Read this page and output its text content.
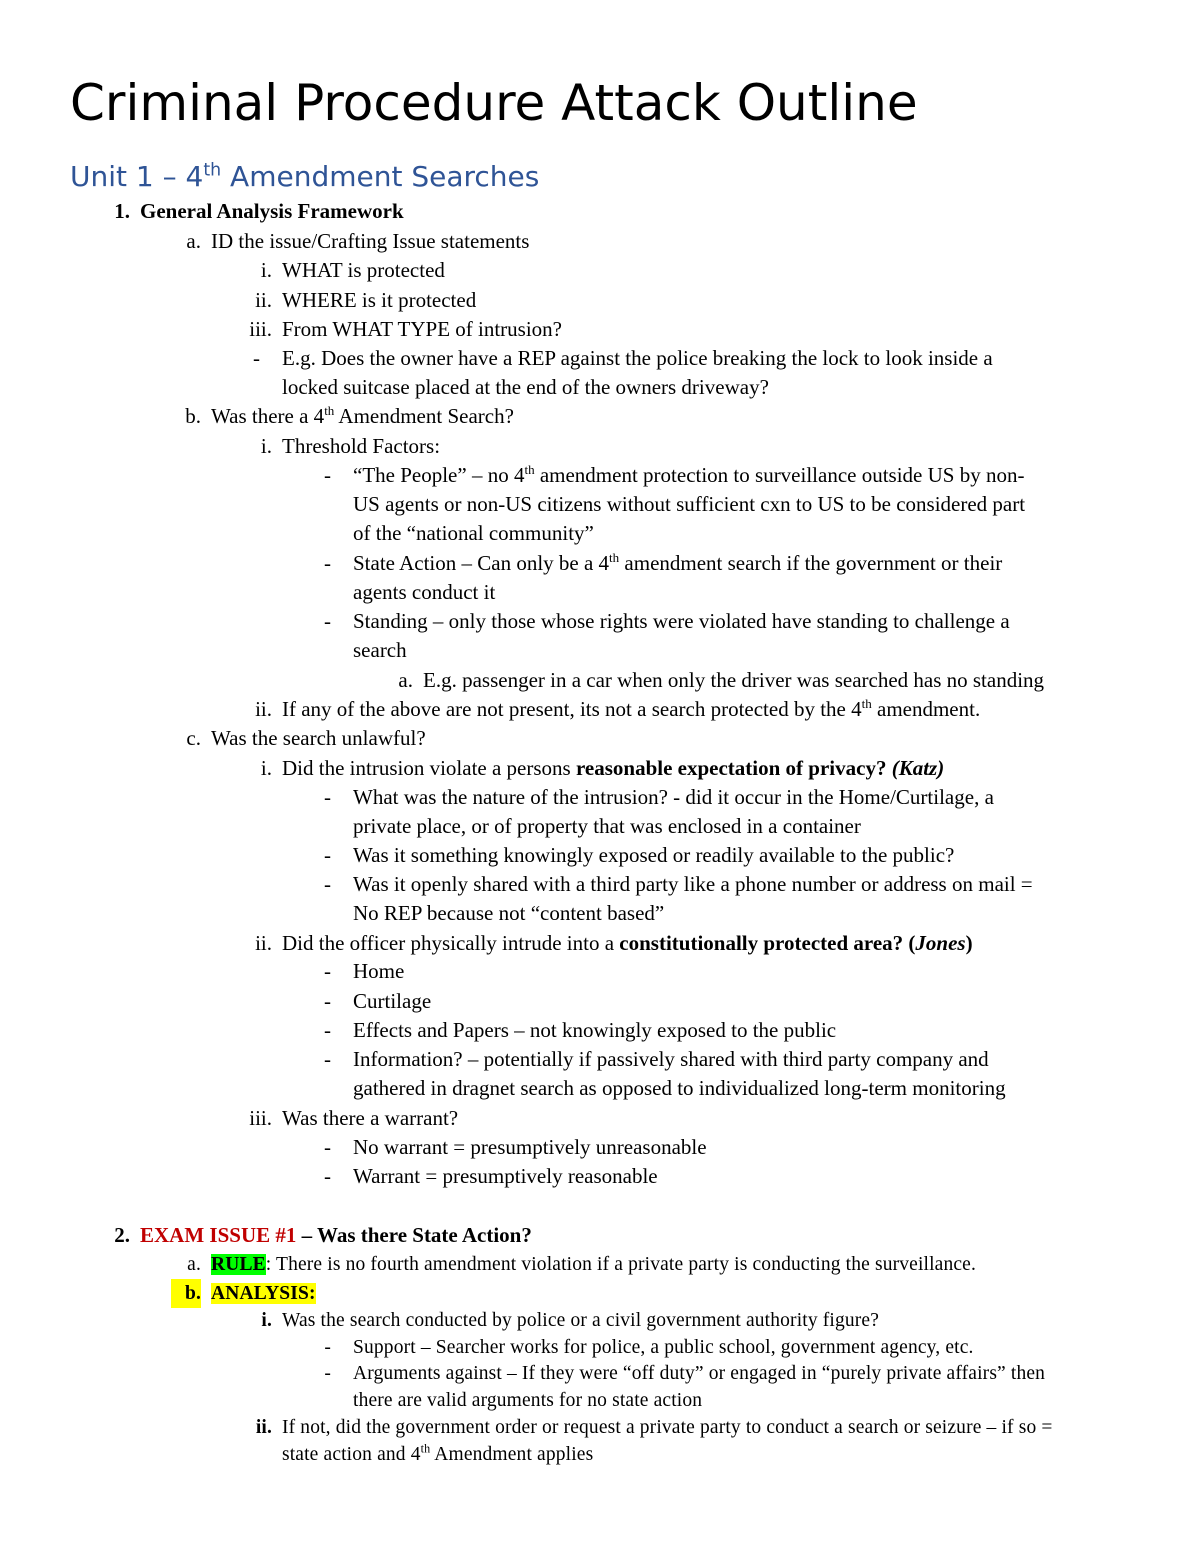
Criminal Procedure Attack Outline
Unit 1 – 4th Amendment Searches
1. General Analysis Framework
a. ID the issue/Crafting Issue statements
i. WHAT is protected
ii. WHERE is it protected
iii. From WHAT TYPE of intrusion?
- E.g. Does the owner have a REP against the police breaking the lock to look inside a
locked suitcase placed at the end of the owners driveway?
b. Was there a 4th Amendment Search?
i. Threshold Factors:
- “The People” – no 4th amendment protection to surveillance outside US by non-
US agents or non-US citizens without sufficient cxn to US to be considered part
of the “national community”
- State Action – Can only be a 4th amendment search if the government or their
agents conduct it
- Standing – only those whose rights were violated have standing to challenge a
search
a. E.g. passenger in a car when only the driver was searched has no standing
ii. If any of the above are not present, its not a search protected by the 4th amendment.
c. Was the search unlawful?
i. Did the intrusion violate a persons reasonable expectation of privacy? (Katz)
- What was the nature of the intrusion? - did it occur in the Home/Curtilage, a
private place, or of property that was enclosed in a container
- Was it something knowingly exposed or readily available to the public?
- Was it openly shared with a third party like a phone number or address on mail =
No REP because not “content based”
ii. Did the officer physically intrude into a constitutionally protected area? (Jones)
- Home
- Curtilage
- Effects and Papers – not knowingly exposed to the public
- Information? – potentially if passively shared with third party company and
gathered in dragnet search as opposed to individualized long-term monitoring
iii. Was there a warrant?
- No warrant = presumptively unreasonable
- Warrant = presumptively reasonable
2. EXAM ISSUE #1 – Was there State Action?
a. RULE: There is no fourth amendment violation if a private party is conducting the surveillance.
b. ANALYSIS:
i. Was the search conducted by police or a civil government authority figure?
- Support – Searcher works for police, a public school, government agency, etc.
- Arguments against – If they were “off duty” or engaged in “purely private affairs” then
there are valid arguments for no state action
ii. If not, did the government order or request a private party to conduct a search or seizure – if so =
state action and 4th Amendment applies
